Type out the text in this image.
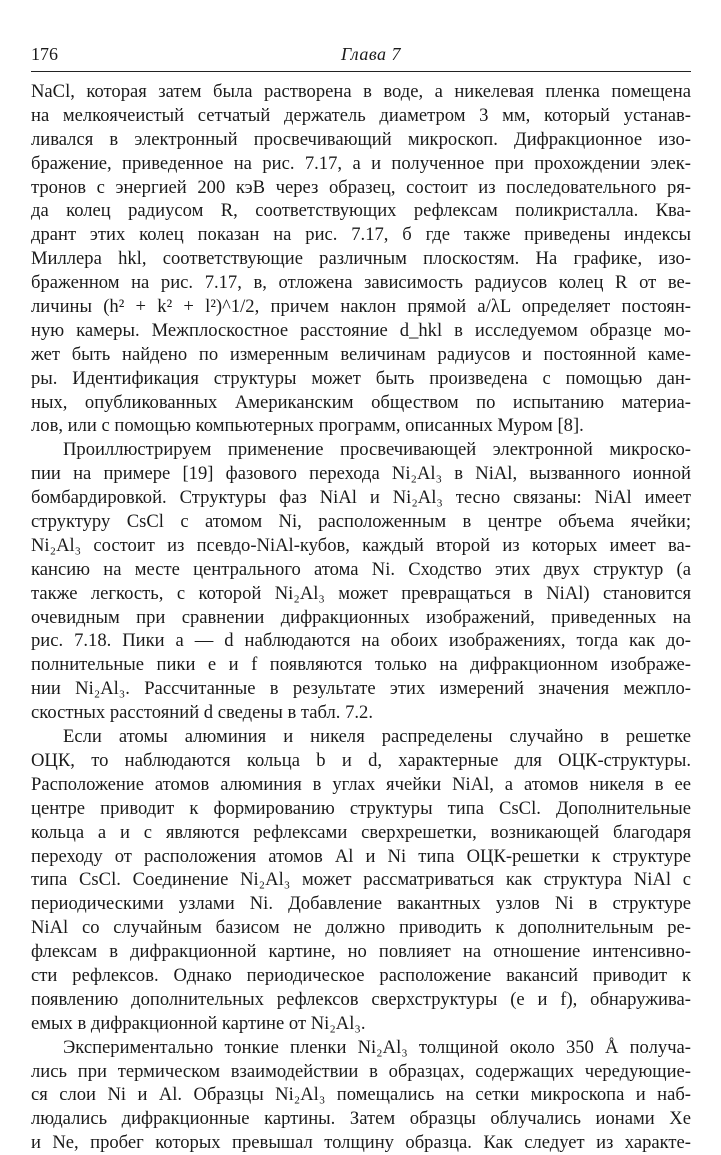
176	Глава 7
NaCl, которая затем была растворена в воде, а никелевая пленка помещена
на мелкоячеистый сетчатый держатель диаметром 3 мм, который устанав-
ливался в электронный просвечивающий микроскоп. Дифракционное изо-
бражение, приведенное на рис. 7.17, a и полученное при прохождении элек-
тронов с энергией 200 кэВ через образец, состоит из последовательного ря-
да колец радиусом R, соответствующих рефлексам поликристалла. Ква-
дрант этих колец показан на рис. 7.17, б где также приведены индексы
Миллера hkl, соответствующие различным плоскостям. На графике, изо-
браженном на рис. 7.17, в, отложена зависимость радиусов колец R от ве-
личины (h² + k² + l²)^1/2, причем наклон прямой a/λL определяет постоян-
ную камеры. Межплоскостное расстояние d_hkl в исследуемом образце мо-
жет быть найдено по измеренным величинам радиусов и постоянной каме-
ры. Идентификация структуры может быть произведена с помощью дан-
ных, опубликованных Американским обществом по испытанию материа-
лов, или с помощью компьютерных программ, описанных Муром [8].
Проиллюстрируем применение просвечивающей электронной микроско-
пии на примере [19] фазового перехода Ni₂Al₃ в NiAl, вызванного ионной
бомбардировкой. Структуры фаз NiAl и Ni₂Al₃ тесно связаны: NiAl имеет
структуру CsCl с атомом Ni, расположенным в центре объема ячейки;
Ni₂Al₃ состоит из псевдо-NiAl-кубов, каждый второй из которых имеет ва-
кансию на месте центрального атома Ni. Сходство этих двух структур (а
также легкость, с которой Ni₂Al₃ может превращаться в NiAl) становится
очевидным при сравнении дифракционных изображений, приведенных на
рис. 7.18. Пики a — d наблюдаются на обоих изображениях, тогда как до-
полнительные пики e и f появляются только на дифракционном изображе-
нии Ni₂Al₃. Рассчитанные в результате этих измерений значения межпло-
скостных расстояний d сведены в табл. 7.2.
Если атомы алюминия и никеля распределены случайно в решетке
ОЦК, то наблюдаются кольца b и d, характерные для ОЦК-структуры.
Расположение атомов алюминия в углах ячейки NiAl, а атомов никеля в ее
центре приводит к формированию структуры типа CsCl. Дополнительные
кольца a и c являются рефлексами сверхрешетки, возникающей благодаря
переходу от расположения атомов Al и Ni типа ОЦК-решетки к структуре
типа CsCl. Соединение Ni₂Al₃ может рассматриваться как структура NiAl с
периодическими узлами Ni. Добавление вакантных узлов Ni в структуре
NiAl со случайным базисом не должно приводить к дополнительным ре-
флексам в дифракционной картине, но повлияет на отношение интенсивно-
сти рефлексов. Однако периодическое расположение вакансий приводит к
появлению дополнительных рефлексов сверхструктуры (e и f), обнаружива-
емых в дифракционной картине от Ni₂Al₃.
Экспериментально тонкие пленки Ni₂Al₃ толщиной около 350 Å получа-
лись при термическом взаимодействии в образцах, содержащих чередующие-
ся слои Ni и Al. Образцы Ni₂Al₃ помещались на сетки микроскопа и наб-
людались дифракционные картины. Затем образцы облучались ионами Xe
и Ne, пробег которых превышал толщину образца. Как следует из характе-
